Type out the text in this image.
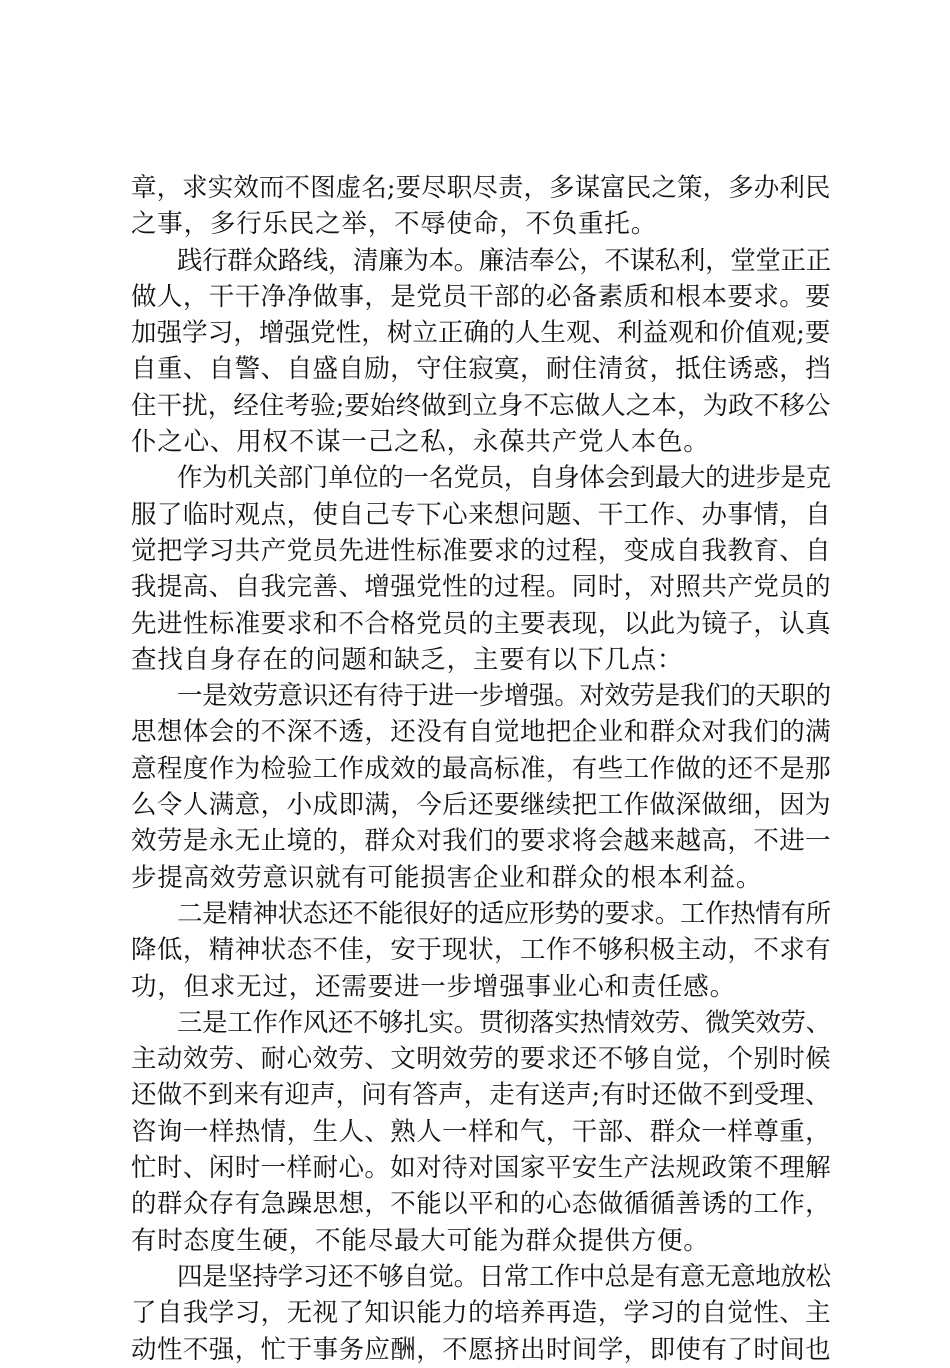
章，求实效而不图虚名;要尽职尽责，多谋富民之策，多办利民
之事，多行乐民之举，不辱使命，不负重托。
践行群众路线，清廉为本。廉洁奉公，不谋私利，堂堂正正
做人，干干净净做事，是党员干部的必备素质和根本要求。要
加强学习，增强党性，树立正确的人生观、利益观和价值观;要
自重、自警、自盛自励，守住寂寞，耐住清贫，抵住诱惑，挡
住干扰，经住考验;要始终做到立身不忘做人之本，为政不移公
仆之心、用权不谋一己之私，永葆共产党人本色。
作为机关部门单位的一名党员，自身体会到最大的进步是克
服了临时观点，使自己专下心来想问题、干工作、办事情，自
觉把学习共产党员先进性标准要求的过程，变成自我教育、自
我提高、自我完善、增强党性的过程。同时，对照共产党员的
先进性标准要求和不合格党员的主要表现，以此为镜子，认真
查找自身存在的问题和缺乏，主要有以下几点：
一是效劳意识还有待于进一步增强。对效劳是我们的天职的
思想体会的不深不透，还没有自觉地把企业和群众对我们的满
意程度作为检验工作成效的最高标准，有些工作做的还不是那
么令人满意，小成即满，今后还要继续把工作做深做细，因为
效劳是永无止境的，群众对我们的要求将会越来越高，不进一
步提高效劳意识就有可能损害企业和群众的根本利益。
二是精神状态还不能很好的适应形势的要求。工作热情有所
降低，精神状态不佳，安于现状，工作不够积极主动，不求有
功，但求无过，还需要进一步增强事业心和责任感。
三是工作作风还不够扎实。贯彻落实热情效劳、微笑效劳、
主动效劳、耐心效劳、文明效劳的要求还不够自觉，个别时候
还做不到来有迎声，问有答声，走有送声;有时还做不到受理、
咨询一样热情，生人、熟人一样和气，干部、群众一样尊重，
忙时、闲时一样耐心。如对待对国家平安生产法规政策不理解
的群众存有急躁思想，不能以平和的心态做循循善诱的工作，
有时态度生硬，不能尽最大可能为群众提供方便。
四是坚持学习还不够自觉。日常工作中总是有意无意地放松
了自我学习，无视了知识能力的培养再造，学习的自觉性、主
动性不强，忙于事务应酬，不愿挤出时间学，即使有了时间也
